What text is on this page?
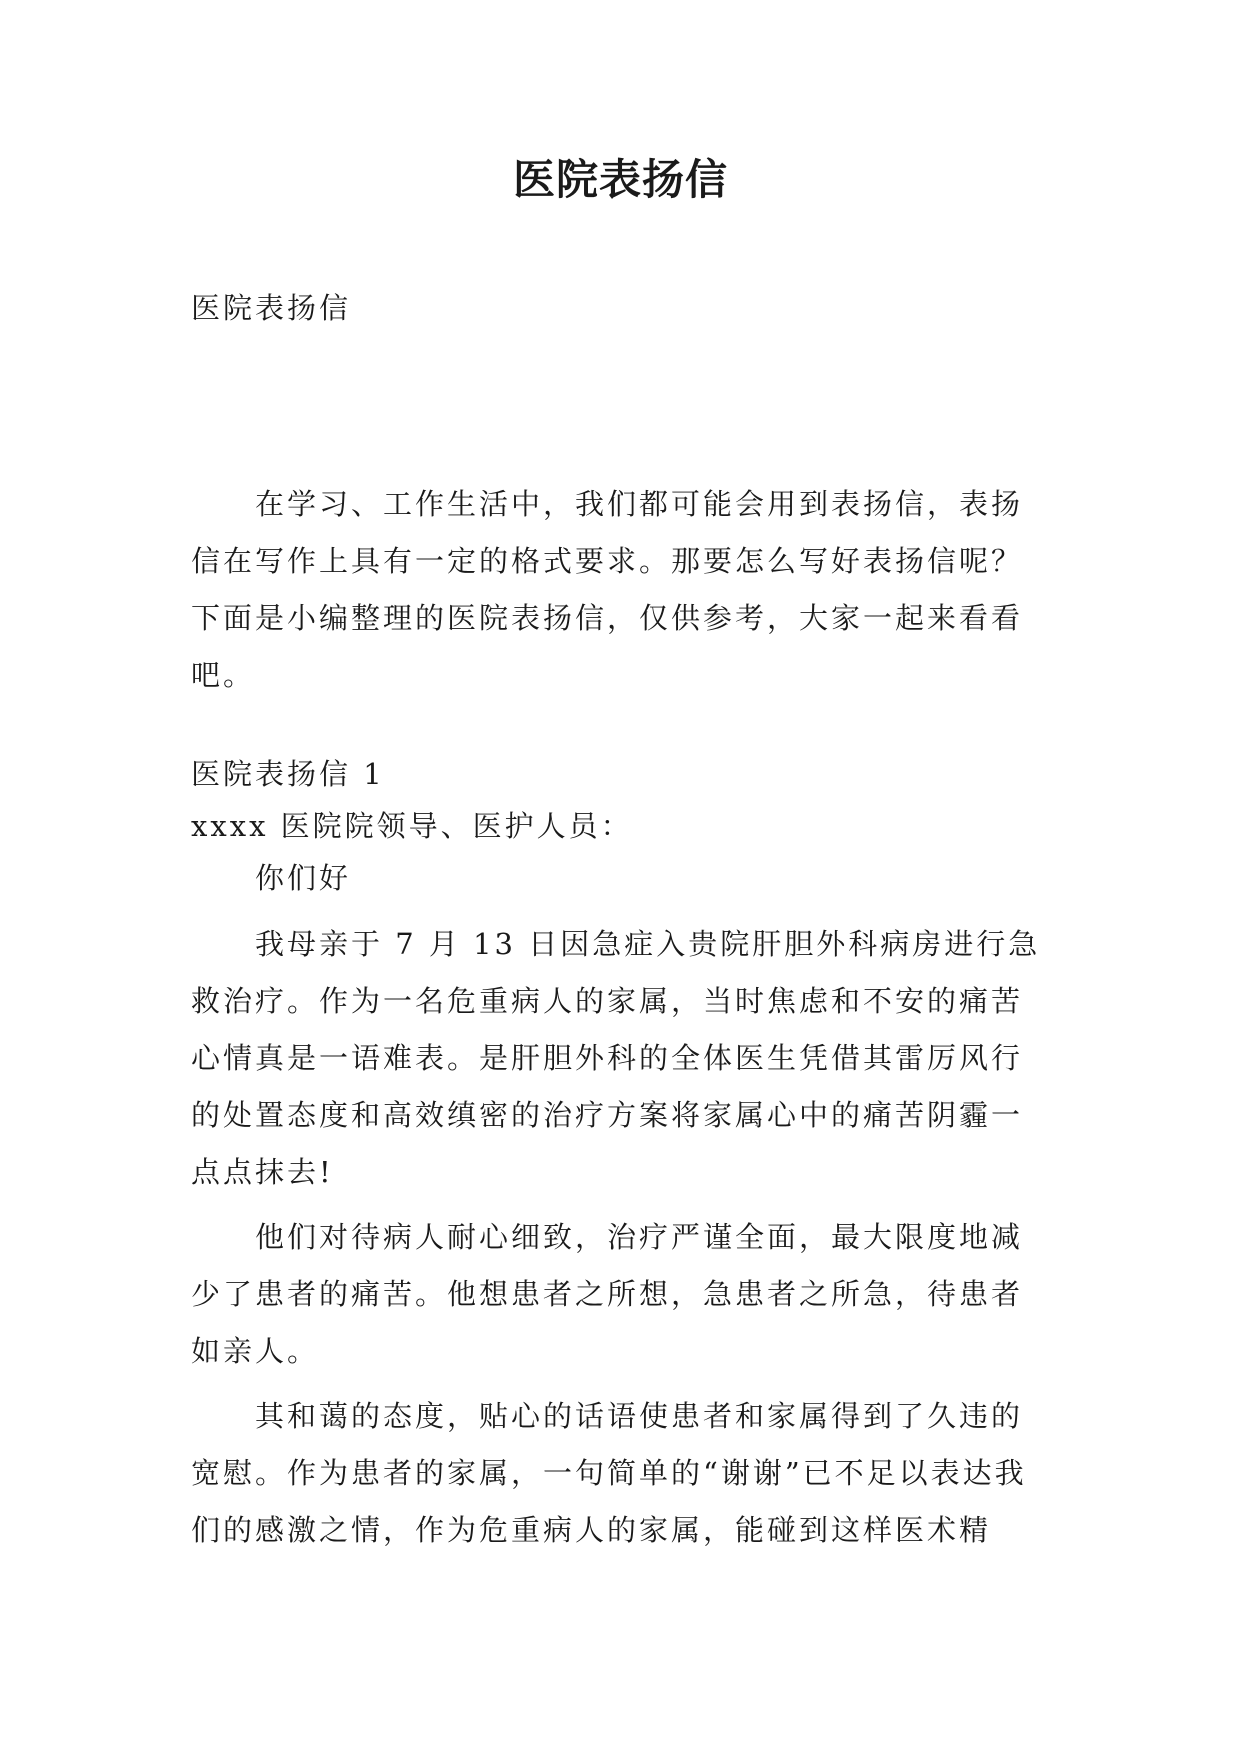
医院表扬信

医院表扬信

在学习、工作生活中，我们都可能会用到表扬信，表扬信在写作上具有一定的格式要求。那要怎么写好表扬信呢？下面是小编整理的医院表扬信，仅供参考，大家一起来看看吧。

医院表扬信 1

xxxx 医院院领导、医护人员：

你们好

我母亲于 7 月 13 日因急症入贵院肝胆外科病房进行急救治疗。作为一名危重病人的家属，当时焦虑和不安的痛苦心情真是一语难表。是肝胆外科的全体医生凭借其雷厉风行的处置态度和高效缜密的治疗方案将家属心中的痛苦阴霾一点点抹去!

他们对待病人耐心细致，治疗严谨全面，最大限度地减少了患者的痛苦。他想患者之所想，急患者之所急，待患者如亲人。

其和蔼的态度，贴心的话语使患者和家属得到了久违的宽慰。作为患者的家属，一句简单的“谢谢”已不足以表达我们的感激之情，作为危重病人的家属，能碰到这样医术精
